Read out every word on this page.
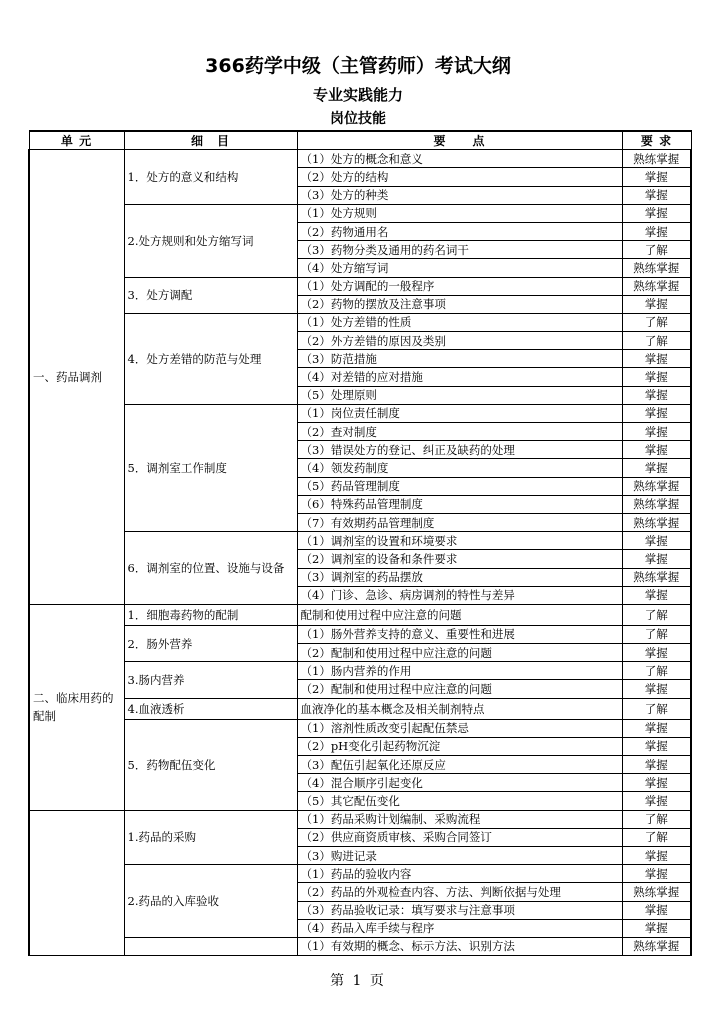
366药学中级（主管药师）考试大纲
专业实践能力
岗位技能
单 元	细　目	要　　点	要 求
一、药品调剂	1．处方的意义和结构	（1）处方的概念和意义	熟练掌握
		（2）处方的结构	掌握
		（3）处方的种类	掌握
	2.处方规则和处方缩写词	（1）处方规则	掌握
		（2）药物通用名	掌握
		（3）药物分类及通用的药名词干	了解
		（4）处方缩写词	熟练掌握
	3．处方调配	（1）处方调配的一般程序	熟练掌握
		（2）药物的摆放及注意事项	掌握
	4．处方差错的防范与处理	（1）处方差错的性质	了解
		（2）外方差错的原因及类别	了解
		（3）防范措施	掌握
		（4）对差错的应对措施	掌握
		（5）处理原则	掌握
	5．调剂室工作制度	（1）岗位责任制度	掌握
		（2）查对制度	掌握
		（3）错误处方的登记、纠正及缺药的处理	掌握
		（4）领发药制度	掌握
		（5）药品管理制度	熟练掌握
		（6）特殊药品管理制度	熟练掌握
		（7）有效期药品管理制度	熟练掌握
	6．调剂室的位置、设施与设备	（1）调剂室的设置和环境要求	掌握
		（2）调剂室的设备和条件要求	掌握
		（3）调剂室的药品摆放	熟练掌握
		（4）门诊、急诊、病房调剂的特性与差异	掌握
二、临床用药的配制	1．细胞毒药物的配制	配制和使用过程中应注意的问题	了解
	2．肠外营养	（1）肠外营养支持的意义、重要性和进展	了解
		（2）配制和使用过程中应注意的问题	掌握
	3.肠内营养	（1）肠内营养的作用	了解
		（2）配制和使用过程中应注意的问题	掌握
	4.血液透析	血液净化的基本概念及相关制剂特点	了解
	5．药物配伍变化	（1）溶剂性质改变引起配伍禁忌	掌握
		（2）pH变化引起药物沉淀	掌握
		（3）配伍引起氧化还原反应	掌握
		（4）混合顺序引起变化	掌握
		（5）其它配伍变化	掌握
	1.药品的采购	（1）药品采购计划编制、采购流程	了解
		（2）供应商资质审核、采购合同签订	了解
		（3）购进记录	掌握
	2.药品的入库验收	（1）药品的验收内容	掌握
		（2）药品的外观检查内容、方法、判断依据与处理	熟练掌握
		（3）药品验收记录：填写要求与注意事项	掌握
		（4）药品入库手续与程序	掌握
		（1）有效期的概念、标示方法、识别方法	熟练掌握
第 1 页
